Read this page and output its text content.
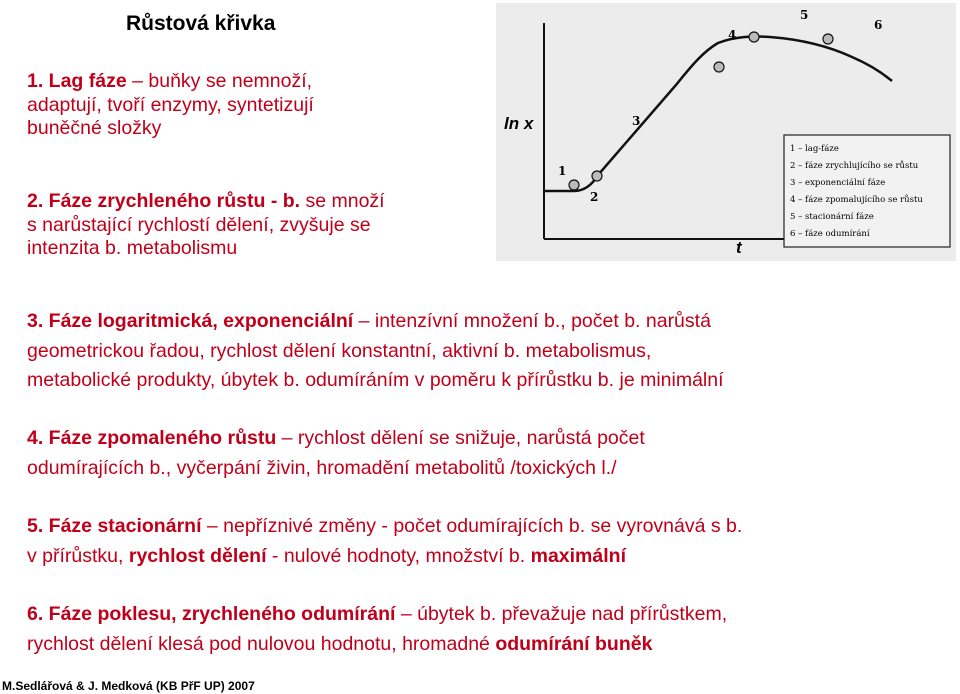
Růstová křivka
1. Lag fáze – buňky se nemnoží,
adaptují, tvoří enzymy, syntetizují
buněčné složky
2. Fáze zrychleného růstu - b. se množí
s narůstající rychlostí dělení, zvyšuje se
intenzita b. metabolismu
3. Fáze logaritmická, exponenciální – intenzívní množení b., počet b. narůstá
geometrickou řadou, rychlost dělení konstantní, aktivní b. metabolismus,
metabolické produkty, úbytek b. odumíráním v poměru k přírůstku b. je minimální
4. Fáze zpomaleného růstu – rychlost dělení se snižuje, narůstá počet
odumírajících b., vyčerpání živin, hromadění metabolitů /toxických l./
5. Fáze stacionární – nepříznivé změny - počet odumírajících b. se vyrovnává s b.
v přírůstku, rychlost dělení - nulové hodnoty, množství b. maximální
6. Fáze poklesu, zrychleného odumírání – úbytek b. převažuje nad přírůstkem,
rychlost dělení klesá pod nulovou hodnotu, hromadné odumírání buněk
1
2
3
4
5
6
ln x
t
1 – lag-fáze
2 – fáze zrychlujícího se růstu
3 – exponenciální fáze
4 – fáze zpomalujícího se růstu
5 – stacionární fáze
6 – fáze odumírání
M.Sedlářová & J. Medková (KB PřF UP) 2007
